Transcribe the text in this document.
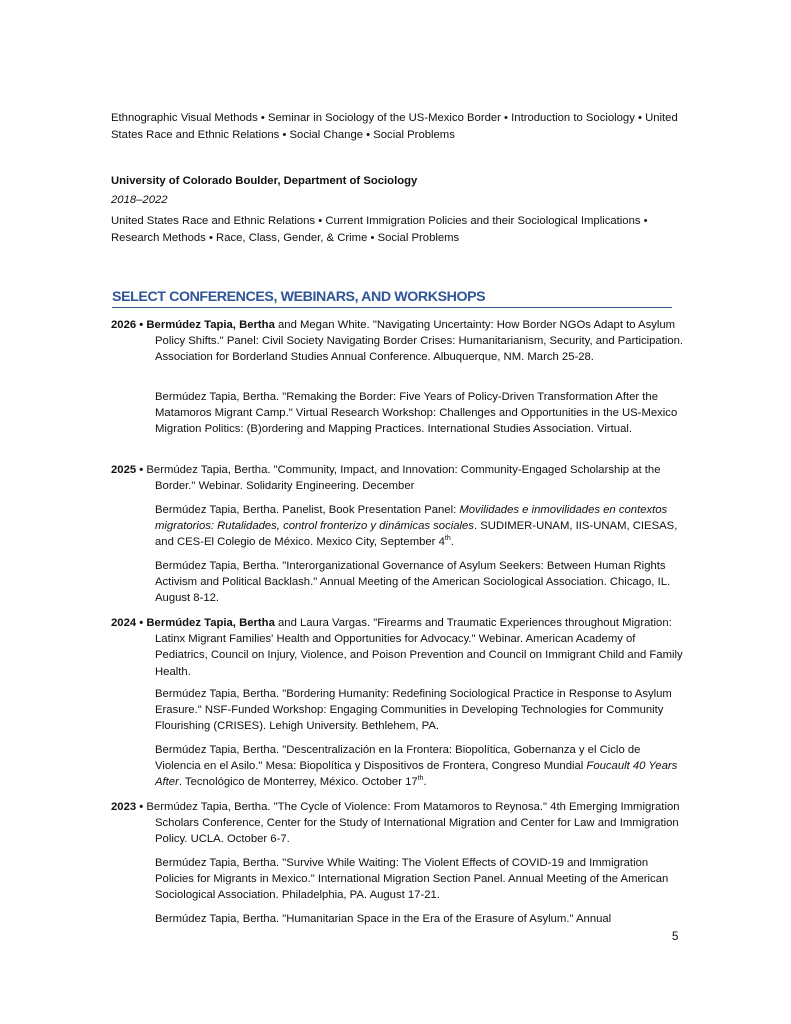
Ethnographic Visual Methods • Seminar in Sociology of the US-Mexico Border • Introduction to Sociology • United States Race and Ethnic Relations • Social Change • Social Problems
University of Colorado Boulder, Department of Sociology
2018–2022
United States Race and Ethnic Relations • Current Immigration Policies and their Sociological Implications • Research Methods • Race, Class, Gender, & Crime • Social Problems
SELECT CONFERENCES, WEBINARS, AND WORKSHOPS
2026 • Bermúdez Tapia, Bertha and Megan White. "Navigating Uncertainty: How Border NGOs Adapt to Asylum Policy Shifts." Panel: Civil Society Navigating Border Crises: Humanitarianism, Security, and Participation. Association for Borderland Studies Annual Conference. Albuquerque, NM. March 25-28.
Bermúdez Tapia, Bertha. "Remaking the Border: Five Years of Policy-Driven Transformation After the Matamoros Migrant Camp." Virtual Research Workshop: Challenges and Opportunities in the US-Mexico Migration Politics: (B)ordering and Mapping Practices. International Studies Association. Virtual.
2025 • Bermúdez Tapia, Bertha. "Community, Impact, and Innovation: Community-Engaged Scholarship at the Border." Webinar. Solidarity Engineering. December
Bermúdez Tapia, Bertha. Panelist, Book Presentation Panel: Movilidades e inmovilidades en contextos migratorios: Rutalidades, control fronterizo y dinámicas sociales. SUDIMER-UNAM, IIS-UNAM, CIESAS, and CES-El Colegio de México. Mexico City, September 4th.
Bermúdez Tapia, Bertha. "Interorganizational Governance of Asylum Seekers: Between Human Rights Activism and Political Backlash." Annual Meeting of the American Sociological Association. Chicago, IL. August 8-12.
2024 • Bermúdez Tapia, Bertha and Laura Vargas. "Firearms and Traumatic Experiences throughout Migration: Latinx Migrant Families' Health and Opportunities for Advocacy." Webinar. American Academy of Pediatrics, Council on Injury, Violence, and Poison Prevention and Council on Immigrant Child and Family Health.
Bermúdez Tapia, Bertha. "Bordering Humanity: Redefining Sociological Practice in Response to Asylum Erasure." NSF-Funded Workshop: Engaging Communities in Developing Technologies for Community Flourishing (CRISES). Lehigh University. Bethlehem, PA.
Bermúdez Tapia, Bertha. "Descentralización en la Frontera: Biopolítica, Gobernanza y el Ciclo de Violencia en el Asilo." Mesa: Biopolítica y Dispositivos de Frontera, Congreso Mundial Foucault 40 Years After. Tecnológico de Monterrey, México. October 17th.
2023 • Bermúdez Tapia, Bertha. "The Cycle of Violence: From Matamoros to Reynosa." 4th Emerging Immigration Scholars Conference, Center for the Study of International Migration and Center for Law and Immigration Policy. UCLA. October 6-7.
Bermúdez Tapia, Bertha. "Survive While Waiting: The Violent Effects of COVID-19 and Immigration Policies for Migrants in Mexico." International Migration Section Panel. Annual Meeting of the American Sociological Association. Philadelphia, PA. August 17-21.
Bermúdez Tapia, Bertha. "Humanitarian Space in the Era of the Erasure of Asylum." Annual
5
